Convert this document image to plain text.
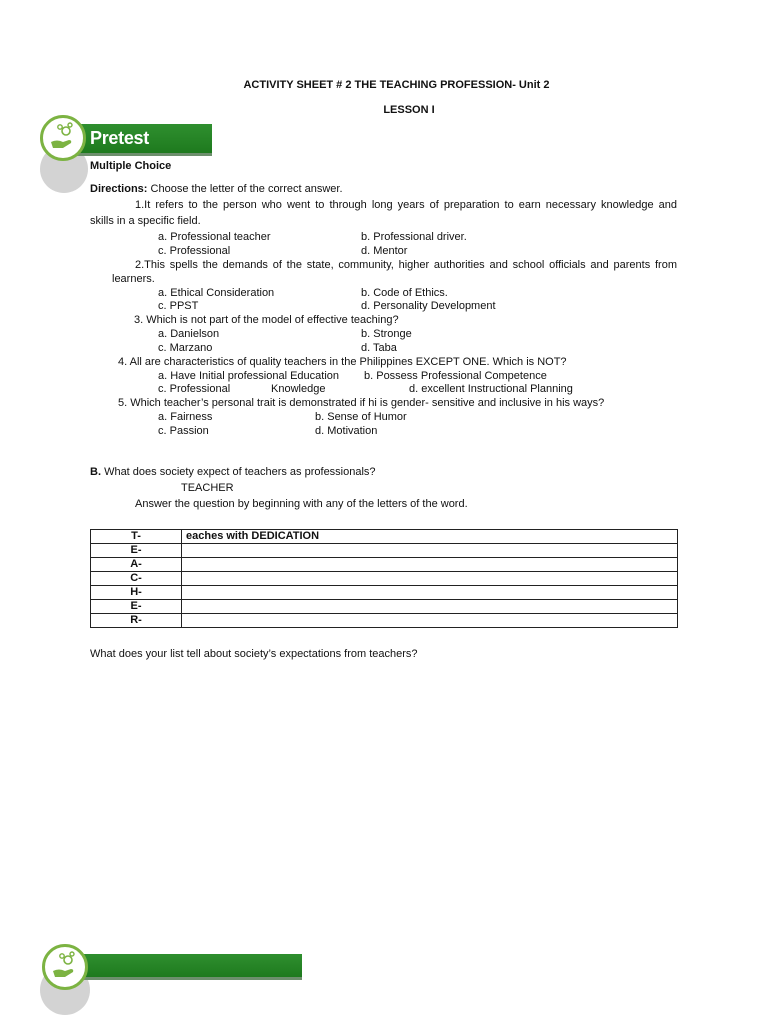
ACTIVITY SHEET # 2 THE TEACHING PROFESSION- Unit 2
LESSON I
Pretest
Multiple Choice
Directions: Choose the letter of the correct answer.
1.It refers to the person who went to through long years of preparation to earn necessary knowledge and
skills in a specific field.
a. Professional teacher	b. Professional driver.
c. Professional	d. Mentor
2.This spells the demands of the state, community, higher authorities and school officials and parents from
learners.
a. Ethical Consideration	b. Code of Ethics.
c. PPST	d. Personality Development
3. Which is not part of the model of effective teaching?
a. Danielson	b. Stronge
c. Marzano	d. Taba
4. All are characteristics of quality teachers in the Philippines EXCEPT ONE. Which is NOT?
a. Have Initial professional Education b. Possess Professional Competence
c. Professional	Knowledge	d. excellent Instructional Planning
5. Which teacher’s personal trait is demonstrated if hi is gender- sensitive and inclusive in his ways?
a. Fairness	b. Sense of Humor
c. Passion	d. Motivation
B. What does society expect of teachers as professionals?
TEACHER
Answer the question by beginning with any of the letters of the word.
T-	eaches with DEDICATION
E-	
A-	
C-	
H-	
E-	
R-	
What does your list tell about society’s expectations from teachers?
